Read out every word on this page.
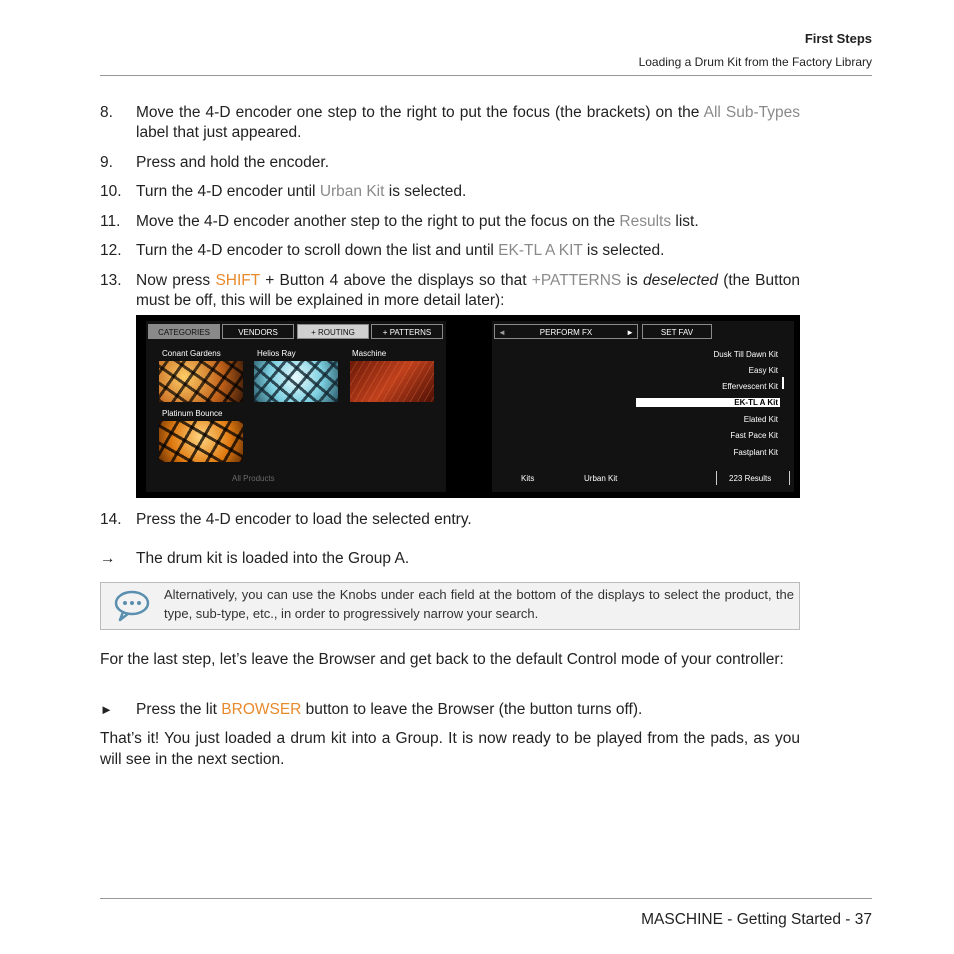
First Steps
Loading a Drum Kit from the Factory Library
8. Move the 4-D encoder one step to the right to put the focus (the brackets) on the All Sub-Types label that just appeared.
9. Press and hold the encoder.
10. Turn the 4-D encoder until Urban Kit is selected.
11. Move the 4-D encoder another step to the right to put the focus on the Results list.
12. Turn the 4-D encoder to scroll down the list and until EK-TL A KIT is selected.
13. Now press SHIFT + Button 4 above the displays so that +PATTERNS is deselected (the Button must be off, this will be explained in more detail later):
CATEGORIES	VENDORS	+ ROUTING	+ PATTERNS
Conant Gardens	Helios Ray	Maschine
Platinum Bounce
All Products
◄	PERFORM FX	►	SET FAV
Dusk Till Dawn Kit
Easy Kit
Effervescent Kit
EK-TL A Kit
Elated Kit
Fast Pace Kit
Fastplant Kit
Kits	Urban Kit	223 Results
14. Press the 4-D encoder to load the selected entry.
→ The drum kit is loaded into the Group A.
Alternatively, you can use the Knobs under each field at the bottom of the displays to select the product, the type, sub-type, etc., in order to progressively narrow your search.
For the last step, let’s leave the Browser and get back to the default Control mode of your controller:
► Press the lit BROWSER button to leave the Browser (the button turns off).
That’s it! You just loaded a drum kit into a Group. It is now ready to be played from the pads, as you will see in the next section.
MASCHINE - Getting Started - 37
